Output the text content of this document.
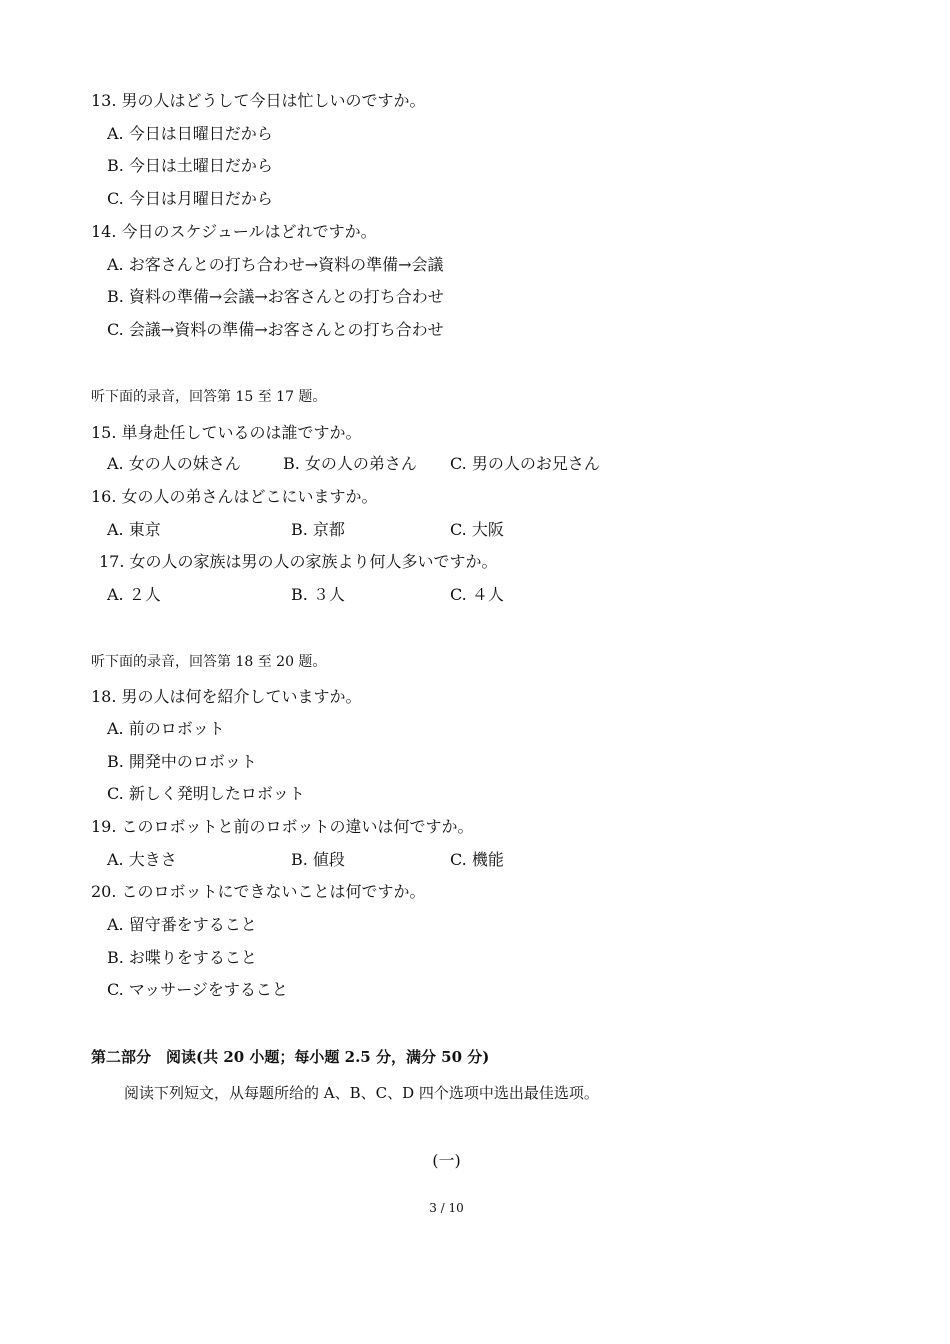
13. 男の人はどうして今日は忙しいのですか。
A. 今日は日曜日だから
B. 今日は土曜日だから
C. 今日は月曜日だから
14. 今日のスケジュールはどれですか。
A. お客さんとの打ち合わせ→資料の準備→会議
B. 資料の準備→会議→お客さんとの打ち合わせ
C. 会議→資料の準備→お客さんとの打ち合わせ
听下面的录音，回答第 15 至 17 题。
15. 単身赴任しているのは誰ですか。
A. 女の人の妹さん	B. 女の人の弟さん C. 男の人のお兄さん
16. 女の人の弟さんはどこにいますか。
A. 東京	B. 京都	C. 大阪
17. 女の人の家族は男の人の家族より何人多いですか。
A. ２人	B. ３人	C. ４人
听下面的录音，回答第 18 至 20 题。
18. 男の人は何を紹介していますか。
A. 前のロボット
B. 開発中のロボット
C. 新しく発明したロボット
19. このロボットと前のロボットの違いは何ですか。
A. 大きさ	B. 値段	C. 機能
20. このロボットにできないことは何ですか。
A. 留守番をすること
B. お喋りをすること
C. マッサージをすること
第二部分　阅读(共 20 小题；每小题 2.5 分，满分 50 分)
阅读下列短文，从每题所给的 A、B、C、D 四个选项中选出最佳选项。
(一)
3 / 10
